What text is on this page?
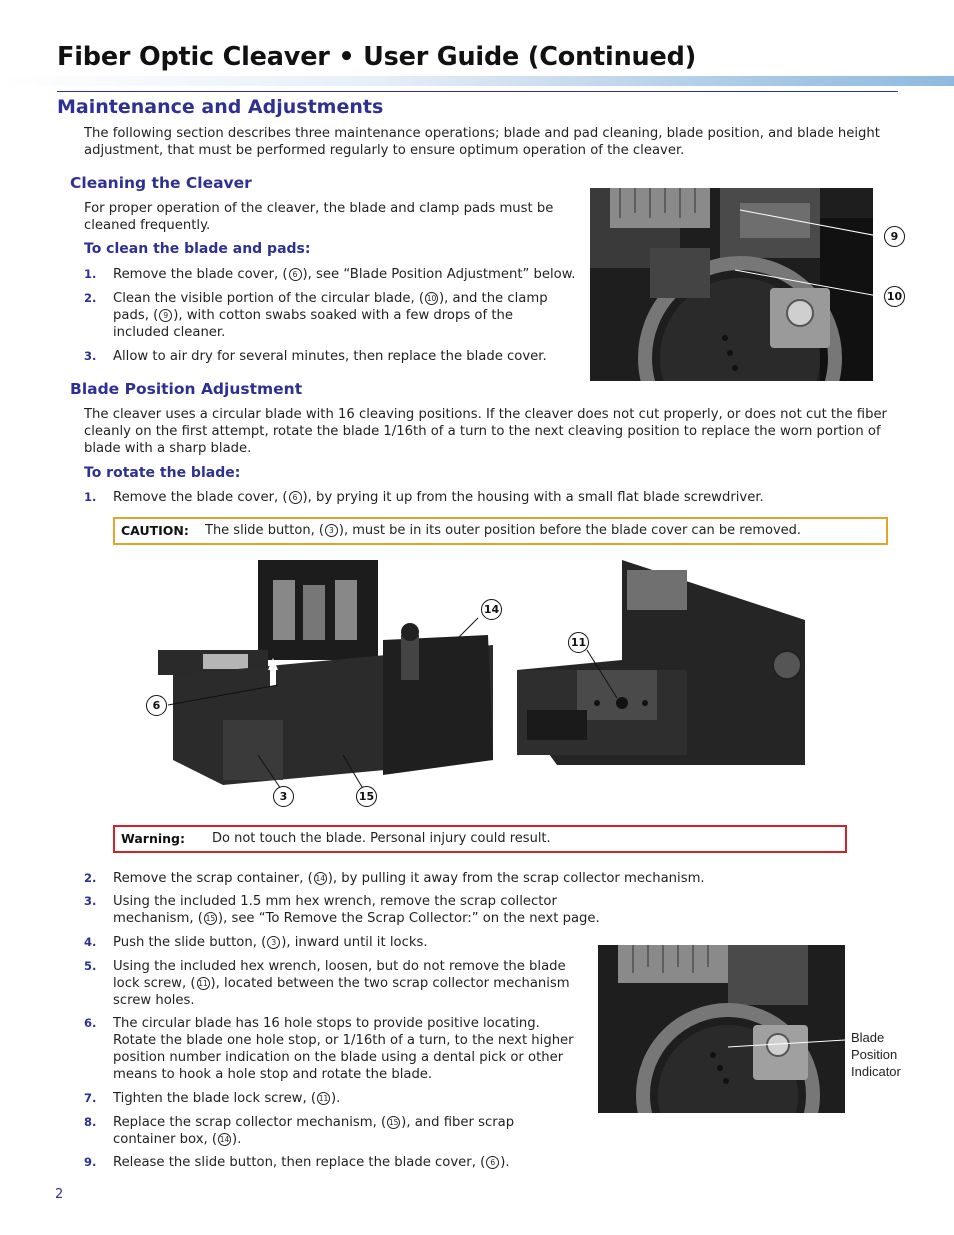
Fiber Optic Cleaver • User Guide (Continued)
Maintenance and Adjustments
The following section describes three maintenance operations; blade and pad cleaning, blade position, and blade height adjustment, that must be performed regularly to ensure optimum operation of the cleaver.
Cleaning the Cleaver
For proper operation of the cleaver, the blade and clamp pads must be cleaned frequently.
To clean the blade and pads:
1. Remove the blade cover, ( 6 ), see “Blade Position Adjustment” below.
2. Clean the visible portion of the circular blade, ( 10 ), and the clamp pads, ( 9 ), with cotton swabs soaked with a few drops of the included cleaner.
3. Allow to air dry for several minutes, then replace the blade cover.
9
10
Blade Position Adjustment
The cleaver uses a circular blade with 16 cleaving positions. If the cleaver does not cut properly, or does not cut the fiber cleanly on the first attempt, rotate the blade 1/16th of a turn to the next cleaving position to replace the worn portion of blade with a sharp blade.
To rotate the blade:
1. Remove the blade cover, ( 6 ), by prying it up from the housing with a small flat blade screwdriver.
CAUTION: The slide button, ( 3 ), must be in its outer position before the blade cover can be removed.
14
6
3	15
11
Warning: Do not touch the blade. Personal injury could result.
2. Remove the scrap container, ( 14 ), by pulling it away from the scrap collector mechanism.
3. Using the included 1.5 mm hex wrench, remove the scrap collector mechanism, ( 15 ), see “To Remove the Scrap Collector:” on the next page.
4. Push the slide button, ( 3 ), inward until it locks.
5. Using the included hex wrench, loosen, but do not remove the blade lock screw, ( 11 ), located between the two scrap collector mechanism screw holes.
6. The circular blade has 16 hole stops to provide positive locating. Rotate the blade one hole stop, or 1/16th of a turn, to the next higher position number indication on the blade using a dental pick or other means to hook a hole stop and rotate the blade.
7. Tighten the blade lock screw, ( 11 ).
8. Replace the scrap collector mechanism, ( 15 ), and fiber scrap container box, ( 14 ).
9. Release the slide button, then replace the blade cover, ( 6 ).
Blade
Position
Indicator
2
